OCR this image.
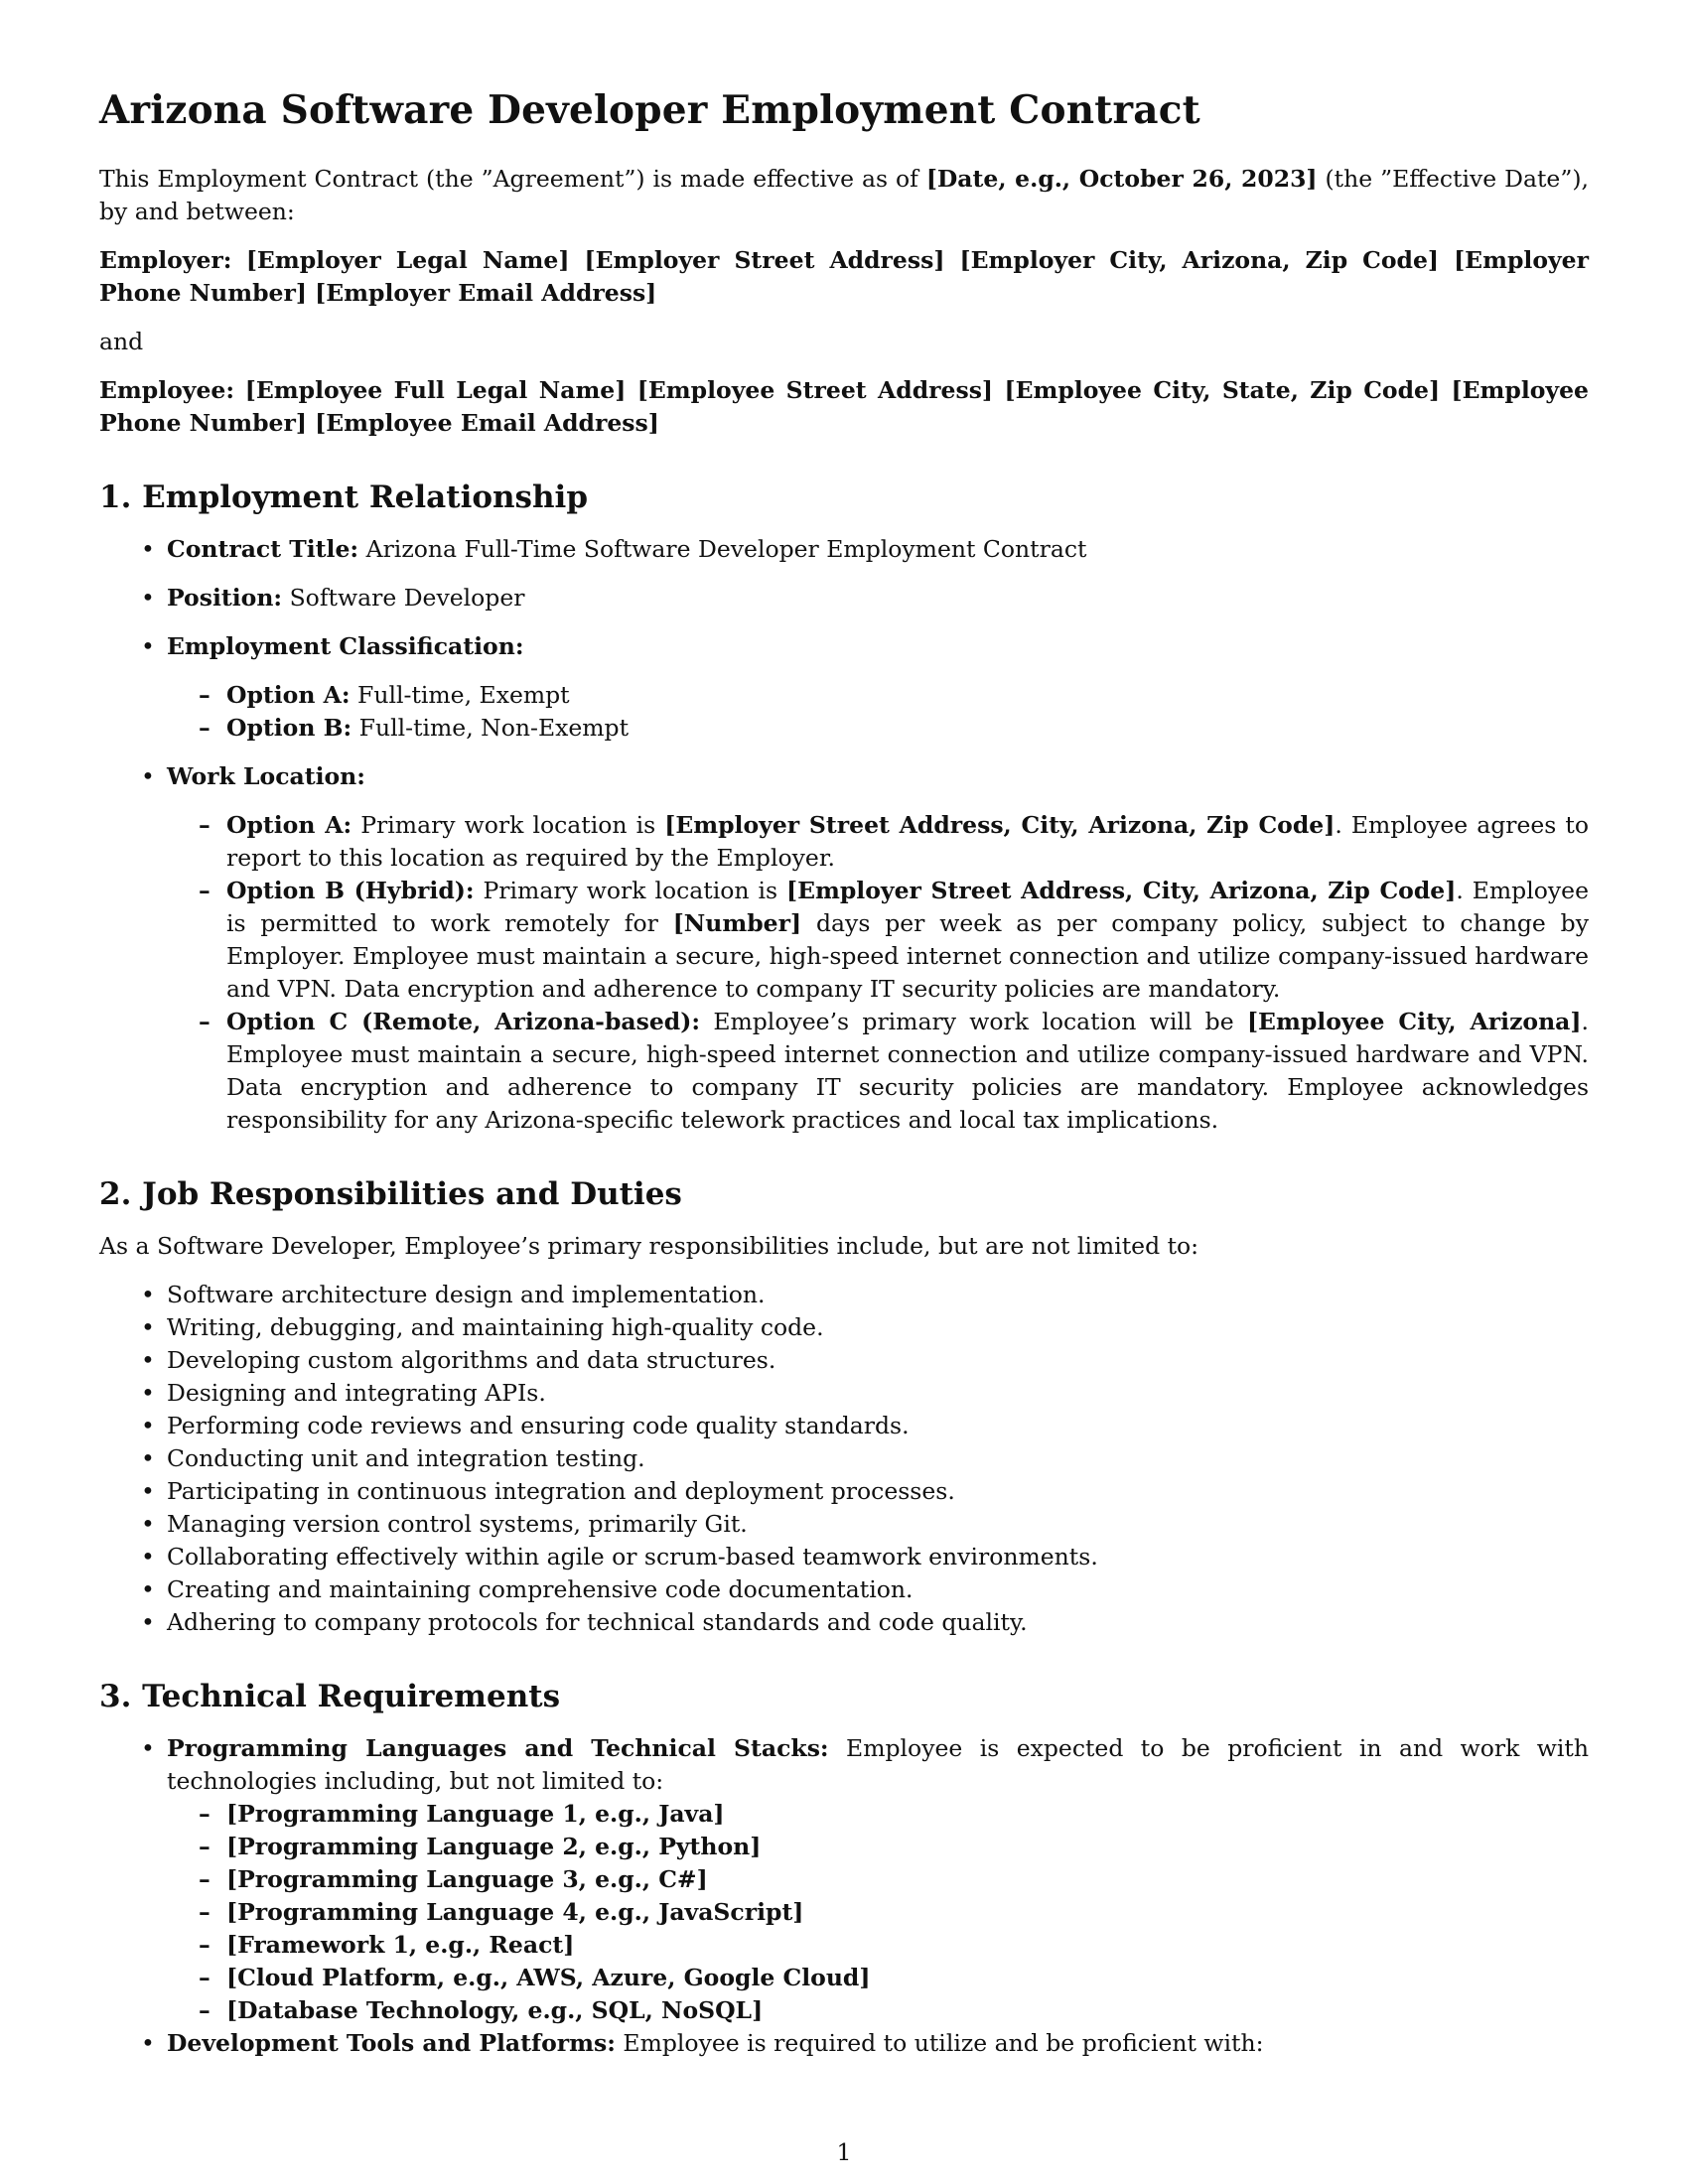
Arizona Software Developer Employment Contract

This Employment Contract (the ”Agreement”) is made effective as of [Date, e.g., October 26, 2023] (the ”Effective Date”), by and between:

Employer: [Employer Legal Name] [Employer Street Address] [Employer City, Arizona, Zip Code] [Employer Phone Number] [Employer Email Address]

and

Employee: [Employee Full Legal Name] [Employee Street Address] [Employee City, State, Zip Code] [Employee Phone Number] [Employee Email Address]

1. Employment Relationship
• Contract Title: Arizona Full-Time Software Developer Employment Contract
• Position: Software Developer
• Employment Classification:
– Option A: Full-time, Exempt
– Option B: Full-time, Non-Exempt
• Work Location:
– Option A: Primary work location is [Employer Street Address, City, Arizona, Zip Code]. Employee agrees to report to this location as required by the Employer.
– Option B (Hybrid): Primary work location is [Employer Street Address, City, Arizona, Zip Code]. Employee is permitted to work remotely for [Number] days per week as per company policy, subject to change by Employer. Employee must maintain a secure, high-speed internet connection and utilize company-issued hardware and VPN. Data encryption and adherence to company IT security policies are mandatory.
– Option C (Remote, Arizona-based): Employee’s primary work location will be [Employee City, Arizona]. Employee must maintain a secure, high-speed internet connection and utilize company-issued hardware and VPN. Data encryption and adherence to company IT security policies are mandatory. Employee acknowledges responsibility for any Arizona-specific telework practices and local tax implications.
2. Job Responsibilities and Duties

As a Software Developer, Employee’s primary responsibilities include, but are not limited to:

• Software architecture design and implementation.
• Writing, debugging, and maintaining high-quality code.
• Developing custom algorithms and data structures.
• Designing and integrating APIs.
• Performing code reviews and ensuring code quality standards.
• Conducting unit and integration testing.
• Participating in continuous integration and deployment processes.
• Managing version control systems, primarily Git.
• Collaborating effectively within agile or scrum-based teamwork environments.
• Creating and maintaining comprehensive code documentation.
• Adhering to company protocols for technical standards and code quality.
3. Technical Requirements
• Programming Languages and Technical Stacks: Employee is expected to be proficient in and work with technologies including, but not limited to:
– [Programming Language 1, e.g., Java]
– [Programming Language 2, e.g., Python]
– [Programming Language 3, e.g., C#]
– [Programming Language 4, e.g., JavaScript]
– [Framework 1, e.g., React]
– [Cloud Platform, e.g., AWS, Azure, Google Cloud]
– [Database Technology, e.g., SQL, NoSQL]
• Development Tools and Platforms: Employee is required to utilize and be proficient with:
1
